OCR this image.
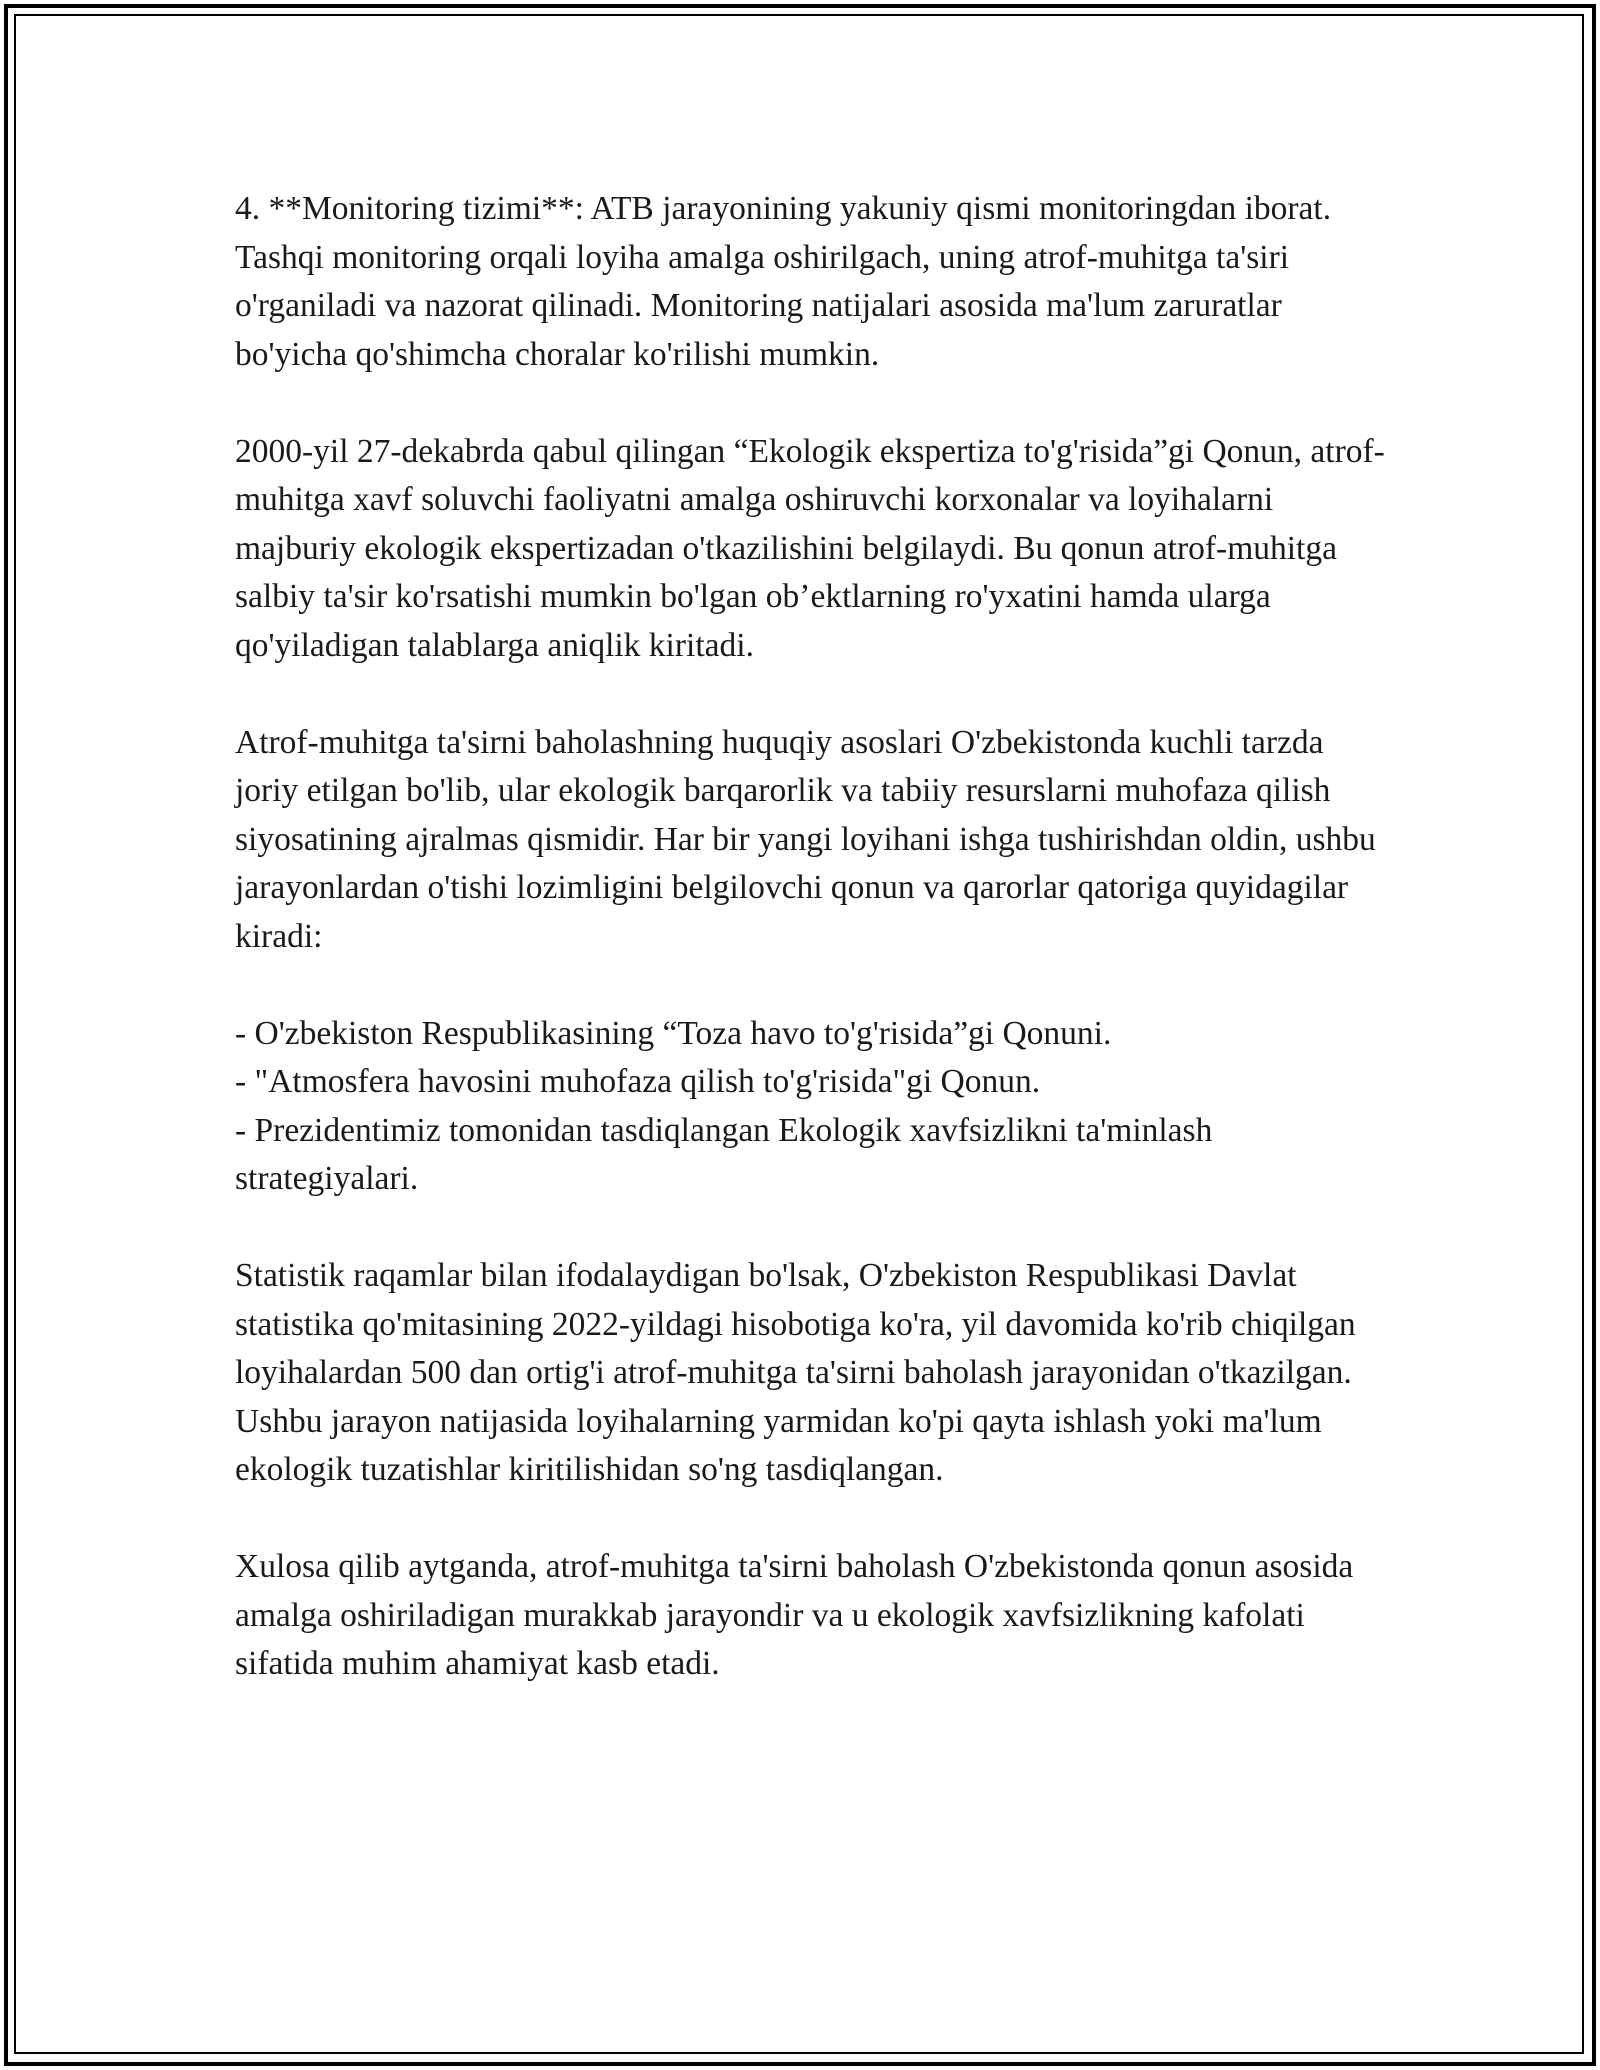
4. **Monitoring tizimi**: ATB jarayonining yakuniy qismi monitoringdan iborat. Tashqi monitoring orqali loyiha amalga oshirilgach, uning atrof-muhitga ta'siri o'rganiladi va nazorat qilinadi. Monitoring natijalari asosida ma'lum zaruratlar bo'yicha qo'shimcha choralar ko'rilishi mumkin.

2000-yil 27-dekabrda qabul qilingan “Ekologik ekspertiza to'g'risida”gi Qonun, atrof-muhitga xavf soluvchi faoliyatni amalga oshiruvchi korxonalar va loyihalarni majburiy ekologik ekspertizadan o'tkazilishini belgilaydi. Bu qonun atrof-muhitga salbiy ta'sir ko'rsatishi mumkin bo'lgan ob’ektlarning ro'yxatini hamda ularga qo'yiladigan talablarga aniqlik kiritadi.

Atrof-muhitga ta'sirni baholashning huquqiy asoslari O'zbekistonda kuchli tarzda joriy etilgan bo'lib, ular ekologik barqarorlik va tabiiy resurslarni muhofaza qilish siyosatining ajralmas qismidir. Har bir yangi loyihani ishga tushirishdan oldin, ushbu jarayonlardan o'tishi lozimligini belgilovchi qonun va qarorlar qatoriga quyidagilar kiradi:

- O'zbekiston Respublikasining “Toza havo to'g'risida”gi Qonuni.
- "Atmosfera havosini muhofaza qilish to'g'risida"gi Qonun.
- Prezidentimiz tomonidan tasdiqlangan Ekologik xavfsizlikni ta'minlash strategiyalari.

Statistik raqamlar bilan ifodalaydigan bo'lsak, O'zbekiston Respublikasi Davlat statistika qo'mitasining 2022-yildagi hisobotiga ko'ra, yil davomida ko'rib chiqilgan loyihalardan 500 dan ortig'i atrof-muhitga ta'sirni baholash jarayonidan o'tkazilgan. Ushbu jarayon natijasida loyihalarning yarmidan ko'pi qayta ishlash yoki ma'lum ekologik tuzatishlar kiritilishidan so'ng tasdiqlangan.

Xulosa qilib aytganda, atrof-muhitga ta'sirni baholash O'zbekistonda qonun asosida amalga oshiriladigan murakkab jarayondir va u ekologik xavfsizlikning kafolati sifatida muhim ahamiyat kasb etadi.
